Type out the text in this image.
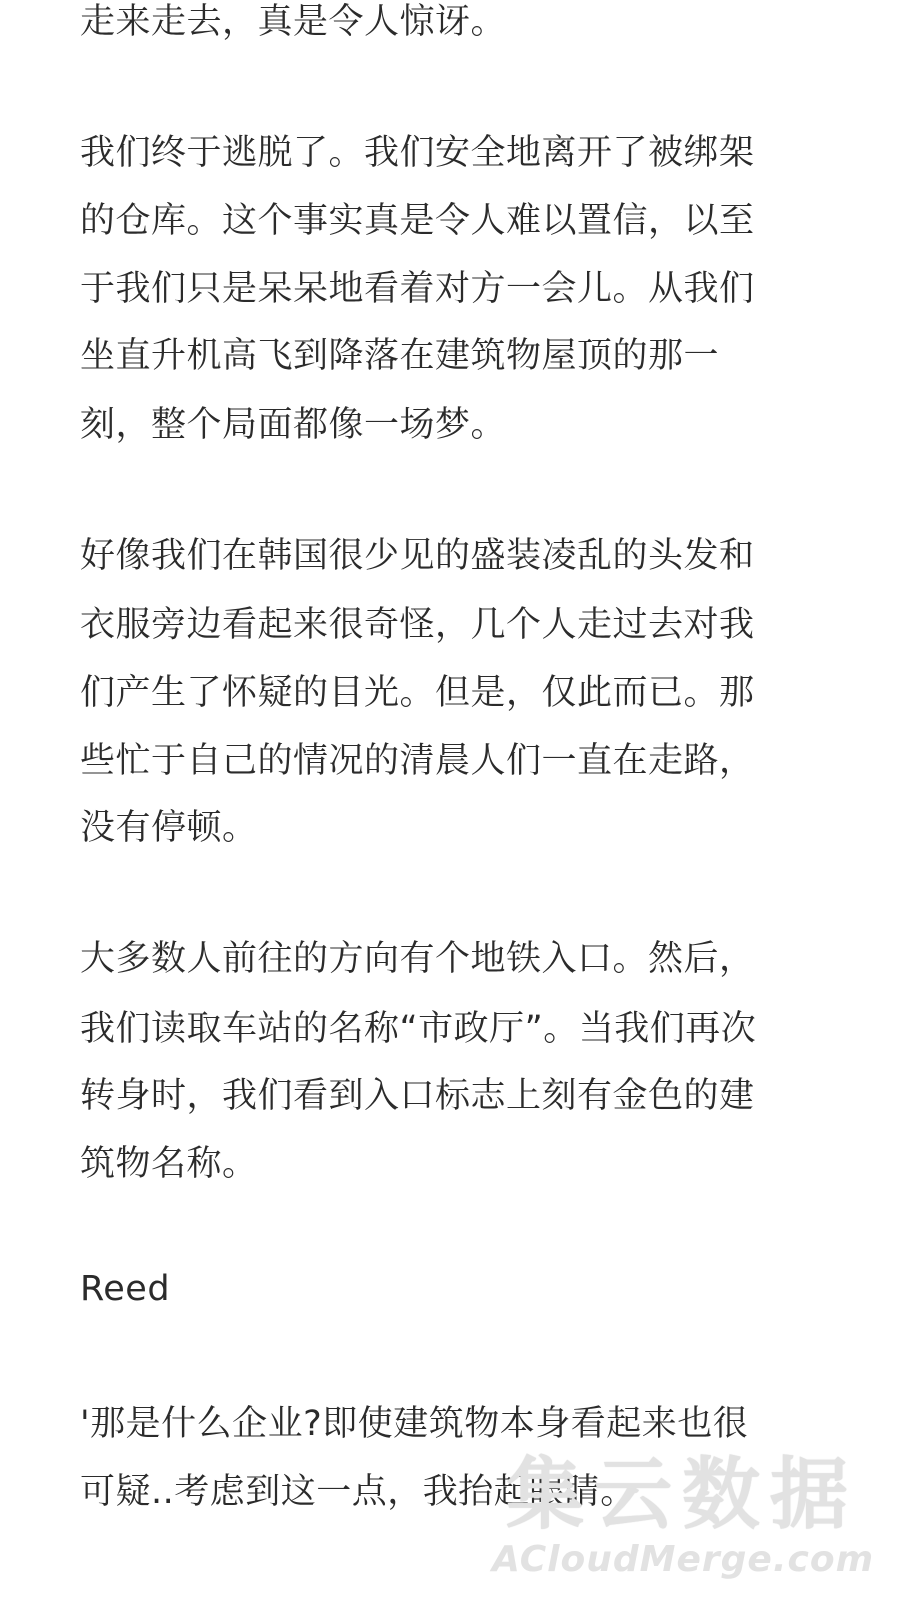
走来走去，真是令人惊讶。

我们终于逃脱了。我们安全地离开了被绑架

的仓库。这个事实真是令人难以置信，以至

于我们只是呆呆地看着对方一会儿。从我们

坐直升机高飞到降落在建筑物屋顶的那一

刻，整个局面都像一场梦。

好像我们在韩国很少见的盛装凌乱的头发和

衣服旁边看起来很奇怪，几个人走过去对我

们产生了怀疑的目光。但是，仅此而已。那

些忙于自己的情况的清晨人们一直在走路，

没有停顿。

大多数人前往的方向有个地铁入口。然后，

我们读取车站的名称“市政厅”。当我们再次

转身时，我们看到入口标志上刻有金色的建

筑物名称。

Reed

'那是什么企业?即使建筑物本身看起来也很

可疑..考虑到这一点，我抬起眼睛。

集云数据
ACloudMerge.com
